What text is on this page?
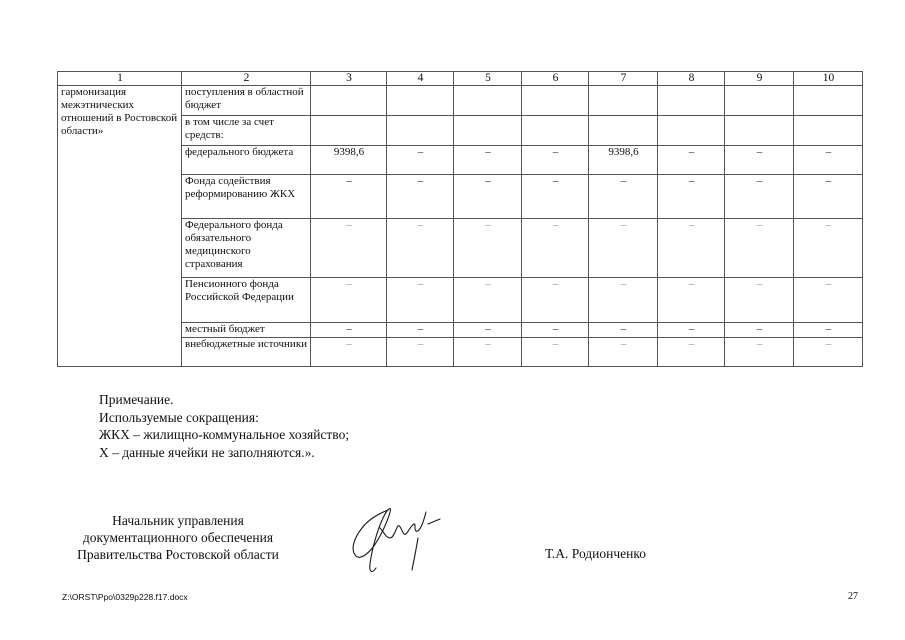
1	2	3	4	5	6	7	8	9	10
гармонизация межэтнических отношений в Ростовской области»	поступления в областной бюджет								
	в том числе за счет средств:								
	федерального бюджета	9398,6	–	–	–	9398,6	–	–	–
	Фонда содействия реформированию ЖКХ	–	–	–	–	–	–	–	–
	Федерального фонда обязательного медицинского страхования	–	–	–	–	–	–	–	–
	Пенсионного фонда Российской Федерации	–	–	–	–	–	–	–	–
	местный бюджет	–	–	–	–	–	–	–	–
	внебюджетные источники	–	–	–	–	–	–	–	–
Примечание.
Используемые сокращения:
ЖКХ – жилищно-коммунальное хозяйство;
Х – данные ячейки не заполняются.».
Начальник управления
документационного обеспечения
Правительства Ростовской области	Т.А. Родионченко
Z:\ORST\Ppo\0329p228.f17.docx	27
